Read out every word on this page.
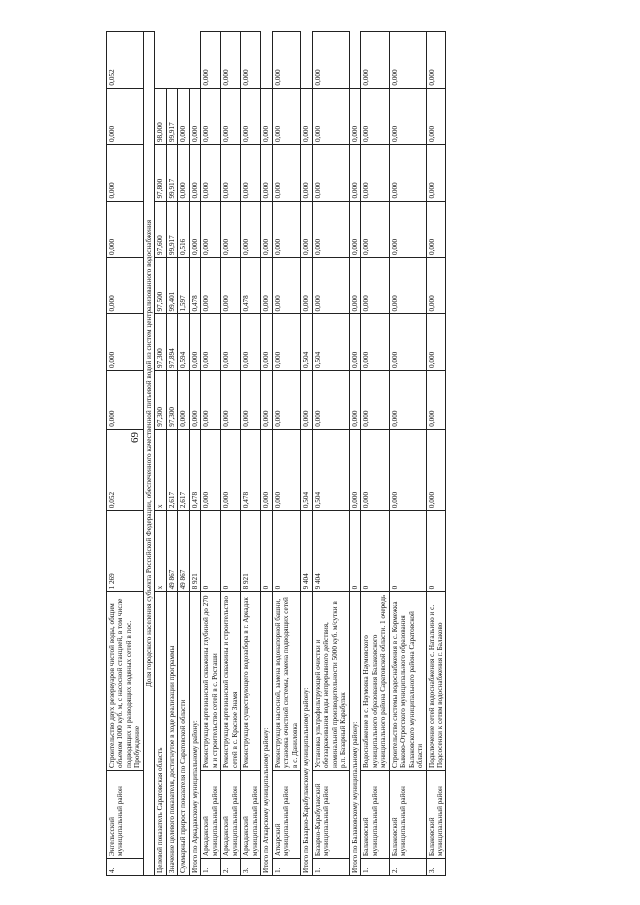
69
4.	Энгельсский муниципальный район	Строительство двух резервуаров чистой воды, общим объемом 1000 куб. м, с насосной станцией, в том числе подводящих и разводящих водяных сетей в пос. Пробуждение	1 269	0,052	0,000	0,000	0,000	0,000	0,000	0,000	0,052
Доля городского населения субъекта Российской Федерации, обеспеченного качественной питьевой водой из систем централизованного водоснабжения											
Целевой показатель Саратовская область			х	х	97,300	97,300	97,500	97,600	97,800	98,000	
Значение целевого показателя, достигнутое в ходе реализации программы			49 867	2,617	97,300	97,894	99,401	99,917	99,917	99,917	
Суммарный прирост показателя по Саратовской области			49 867	2,617	0,000	0,594	1,597	0,516	0,000	0,000	
Итого по Аркадакскому муниципальному району:			8 921	0,478	0,000	0,000	0,478	0,000	0,000	0,000	
1.	Аркадакский муниципальный район	Реконструкция артезианской скважины глубиной до 270 м и строительство сетей в с. Росташи	0	0,000	0,000	0,000	0,000	0,000	0,000	0,000	0,000
2.	Аркадакский муниципальный район	Реконструкция артезианской скважины и строительство сетей в с. Красное Знамя	0	0,000	0,000	0,000	0,000	0,000	0,000	0,000	0,000
3.	Аркадакский муниципальный район	Реконструкция существующего водозабора в г. Аркадак	8 921	0,478	0,000	0,000	0,478	0,000	0,000	0,000	0,000
Итого по Аткарскому муниципальному району:			0	0,000	0,000	0,000	0,000	0,000	0,000	0,000	
1.	Аткарский муниципальный район	Реконструкция насосной, замена водонапорной башни, установка очистной системы, замена подводящих сетей в с. Даниловка	0	0,000	0,000	0,000	0,000	0,000	0,000	0,000	0,000
Итого по Базарно-Карабулакскому муниципальному району:			9 404	0,504	0,000	0,504	0,000	0,000	0,000	0,000	
1.	Базарно-Карабулакский муниципальный район	Установка ультрафильтрующей очистки и обеззараживания воды непрерывного действия, номинальной производительности 5000 куб. м/сутки в р.п. Базарный Карабулак	9 404	0,504	0,000	0,504	0,000	0,000	0,000	0,000	0,000
Итого по Балаковскому муниципальному району:			0	0,000	0,000	0,000	0,000	0,000	0,000	0,000	
1.	Балаковский муниципальный район	Водоснабжение в с. Наумовка Наумовского муниципального образования Балаковского муниципального района Саратовской области. 1 очередь	0	0,000	0,000	0,000	0,000	0,000	0,000	0,000	0,000
2.	Балаковский муниципальный район	Строительство системы водоснабжения в с. Кормежка Быково-Отрогского муниципального образования Балаковского муниципального района Саратовской области	0	0,000	0,000	0,000	0,000	0,000	0,000	0,000	0,000
3.	Балаковский муниципальный район	Подключение сетей водоснабжения с. Натальино и с. Подсосенки к сетям водоснабжения г. Балаково	0	0,000	0,000	0,000	0,000	0,000	0,000	0,000	0,000
